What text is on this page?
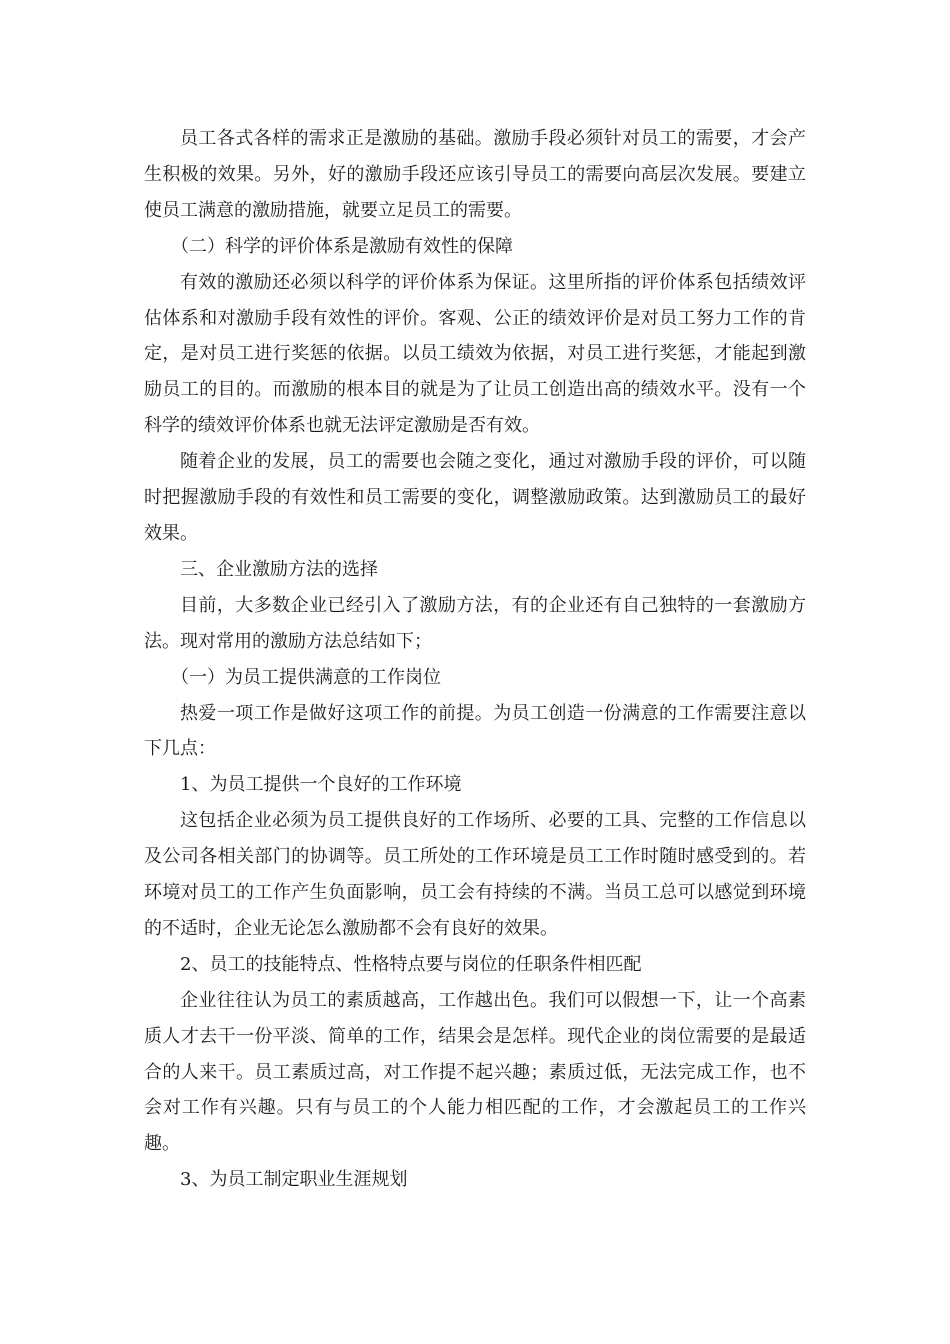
员工各式各样的需求正是激励的基础。激励手段必须针对员工的需要，才会产生积极的效果。另外，好的激励手段还应该引导员工的需要向高层次发展。要建立使员工满意的激励措施，就要立足员工的需要。

（二）科学的评价体系是激励有效性的保障

有效的激励还必须以科学的评价体系为保证。这里所指的评价体系包括绩效评估体系和对激励手段有效性的评价。客观、公正的绩效评价是对员工努力工作的肯定，是对员工进行奖惩的依据。以员工绩效为依据，对员工进行奖惩，才能起到激励员工的目的。而激励的根本目的就是为了让员工创造出高的绩效水平。没有一个科学的绩效评价体系也就无法评定激励是否有效。

随着企业的发展，员工的需要也会随之变化，通过对激励手段的评价，可以随时把握激励手段的有效性和员工需要的变化，调整激励政策。达到激励员工的最好效果。

三、企业激励方法的选择

目前，大多数企业已经引入了激励方法，有的企业还有自己独特的一套激励方法。现对常用的激励方法总结如下；

（一）为员工提供满意的工作岗位

热爱一项工作是做好这项工作的前提。为员工创造一份满意的工作需要注意以下几点：

1、为员工提供一个良好的工作环境

这包括企业必须为员工提供良好的工作场所、必要的工具、完整的工作信息以及公司各相关部门的协调等。员工所处的工作环境是员工工作时随时感受到的。若环境对员工的工作产生负面影响，员工会有持续的不满。当员工总可以感觉到环境的不适时，企业无论怎么激励都不会有良好的效果。

2、员工的技能特点、性格特点要与岗位的任职条件相匹配

企业往往认为员工的素质越高，工作越出色。我们可以假想一下，让一个高素质人才去干一份平淡、简单的工作，结果会是怎样。现代企业的岗位需要的是最适合的人来干。员工素质过高，对工作提不起兴趣；素质过低，无法完成工作，也不会对工作有兴趣。只有与员工的个人能力相匹配的工作，才会激起员工的工作兴趣。

3、为员工制定职业生涯规划
